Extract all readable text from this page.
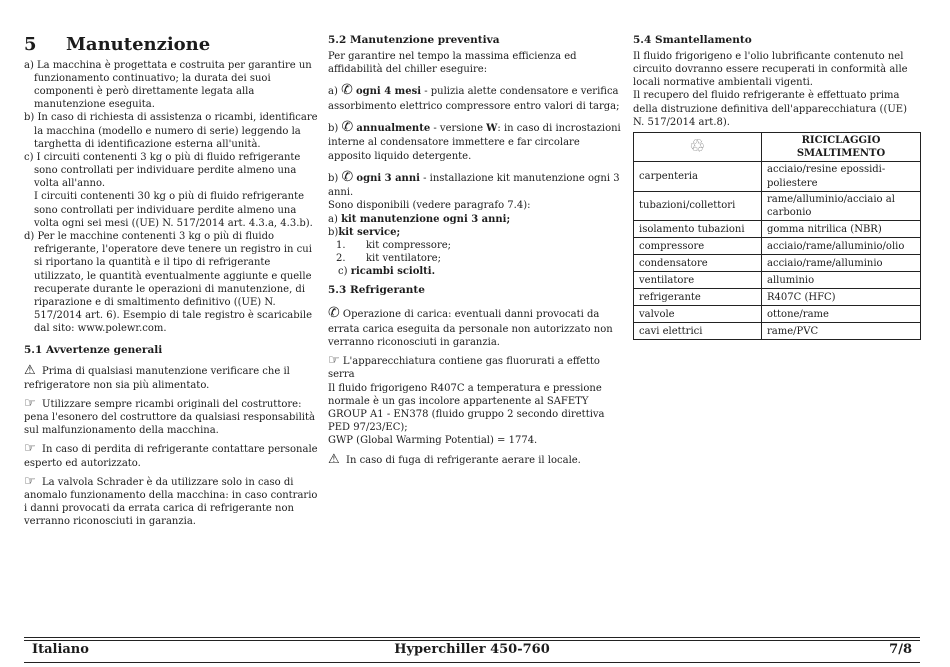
5 Manutenzione

a) La macchina è progettata e costruita per garantire un funzionamento continuativo; la durata dei suoi componenti è però direttamente legata alla manutenzione eseguita.

b) In caso di richiesta di assistenza o ricambi, identificare la macchina (modello e numero di serie) leggendo la targhetta di identificazione esterna all'unità.

c) I circuiti contenenti 3 kg o più di fluido refrigerante sono controllati per individuare perdite almeno una volta all'anno.

I circuiti contenenti 30 kg o più di fluido refrigerante sono controllati per individuare perdite almeno una volta ogni sei mesi ((UE) N. 517/2014 art. 4.3.a, 4.3.b).

d) Per le macchine contenenti 3 kg o più di fluido refrigerante, l'operatore deve tenere un registro in cui si riportano la quantità e il tipo di refrigerante utilizzato, le quantità eventualmente aggiunte e quelle recuperate durante le operazioni di manutenzione, di riparazione e di smaltimento definitivo ((UE) N. 517/2014 art. 6). Esempio di tale registro è scaricabile dal sito: www.polewr.com.

5.1 Avvertenze generali

⚠ Prima di qualsiasi manutenzione verificare che il refrigeratore non sia più alimentato.

☞ Utilizzare sempre ricambi originali del costruttore: pena l'esonero del costruttore da qualsiasi responsabilità sul malfunzionamento della macchina.

☞ In caso di perdita di refrigerante contattare personale esperto ed autorizzato.

☞ La valvola Schrader è da utilizzare solo in caso di anomalo funzionamento della macchina: in caso contrario i danni provocati da errata carica di refrigerante non verranno riconosciuti in garanzia.

5.2 Manutenzione preventiva

Per garantire nel tempo la massima efficienza ed affidabilità del chiller eseguire:

a) ✆ ogni 4 mesi - pulizia alette condensatore e verifica assorbimento elettrico compressore entro valori di targa;

b) ✆ annualmente - versione W: in caso di incrostazioni interne al condensatore immettere e far circolare apposito liquido detergente.

b) ✆ ogni 3 anni - installazione kit manutenzione ogni 3 anni.

Sono disponibili (vedere paragrafo 7.4):

a) kit manutenzione ogni 3 anni;

b)kit service;

1. kit compressore;

2. kit ventilatore;

c) ricambi sciolti.

5.3 Refrigerante

✆ Operazione di carica: eventuali danni provocati da errata carica eseguita da personale non autorizzato non verranno riconosciuti in garanzia.

☞ L'apparecchiatura contiene gas fluorurati a effetto serra

Il fluido frigorigeno R407C a temperatura e pressione normale è un gas incolore appartenente al SAFETY GROUP A1 - EN378 (fluido gruppo 2 secondo direttiva PED 97/23/EC);

GWP (Global Warming Potential) = 1774.

⚠ In caso di fuga di refrigerante aerare il locale.

5.4 Smantellamento

Il fluido frigorigeno e l'olio lubrificante contenuto nel circuito dovranno essere recuperati in conformità alle locali normative ambientali vigenti.

Il recupero del fluido refrigerante è effettuato prima della distruzione definitiva dell'apparecchiatura ((UE) N. 517/2014 art.8).

♲	RICICLAGGIO SMALTIMENTO
carpenteria	acciaio/resine epossidi-poliestere
tubazioni/collettori	rame/alluminio/acciaio al carbonio
isolamento tubazioni	gomma nitrilica (NBR)
compressore	acciaio/rame/alluminio/olio
condensatore	acciaio/rame/alluminio
ventilatore	alluminio
refrigerante	R407C (HFC)
valvole	ottone/rame
cavi elettrici	rame/PVC
Italiano	Hyperchiller 450-760	7/8
